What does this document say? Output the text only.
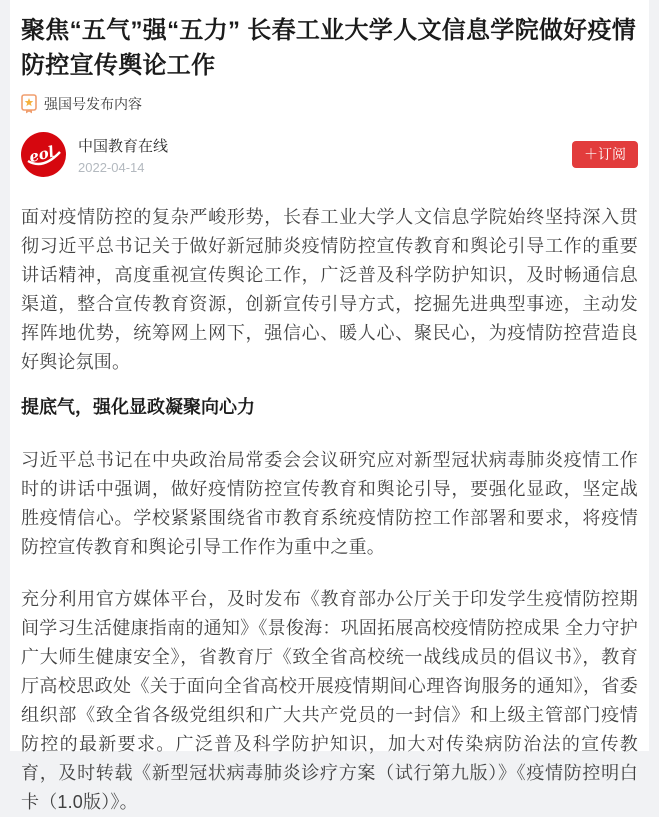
聚焦“五气”强“五力” 长春工业大学人文信息学院做好疫情防控宣传舆论工作
强国号发布内容
eol 中国教育在线
2022-04-14
＋订阅

面对疫情防控的复杂严峻形势，长春工业大学人文信息学院始终坚持深入贯彻习近平总书记关于做好新冠肺炎疫情防控宣传教育和舆论引导工作的重要讲话精神，高度重视宣传舆论工作，广泛普及科学防护知识，及时畅通信息渠道，整合宣传教育资源，创新宣传引导方式，挖掘先进典型事迹，主动发挥阵地优势，统筹网上网下，强信心、暖人心、聚民心，为疫情防控营造良好舆论氛围。

提底气，强化显政凝聚向心力

习近平总书记在中央政治局常委会会议研究应对新型冠状病毒肺炎疫情工作时的讲话中强调，做好疫情防控宣传教育和舆论引导，要强化显政，坚定战胜疫情信心。学校紧紧围绕省市教育系统疫情防控工作部署和要求，将疫情防控宣传教育和舆论引导工作作为重中之重。

充分利用官方媒体平台，及时发布《教育部办公厅关于印发学生疫情防控期间学习生活健康指南的通知》《景俊海：巩固拓展高校疫情防控成果 全力守护广大师生健康安全》，省教育厅《致全省高校统一战线成员的倡议书》，教育厅高校思政处《关于面向全省高校开展疫情期间心理咨询服务的通知》，省委组织部《致全省各级党组织和广大共产党员的一封信》和上级主管部门疫情防控的最新要求。广泛普及科学防护知识，加大对传染病防治法的宣传教育，及时转载《新型冠状病毒肺炎诊疗方案（试行第九版）》《疫情防控明白卡（1.0版）》。
